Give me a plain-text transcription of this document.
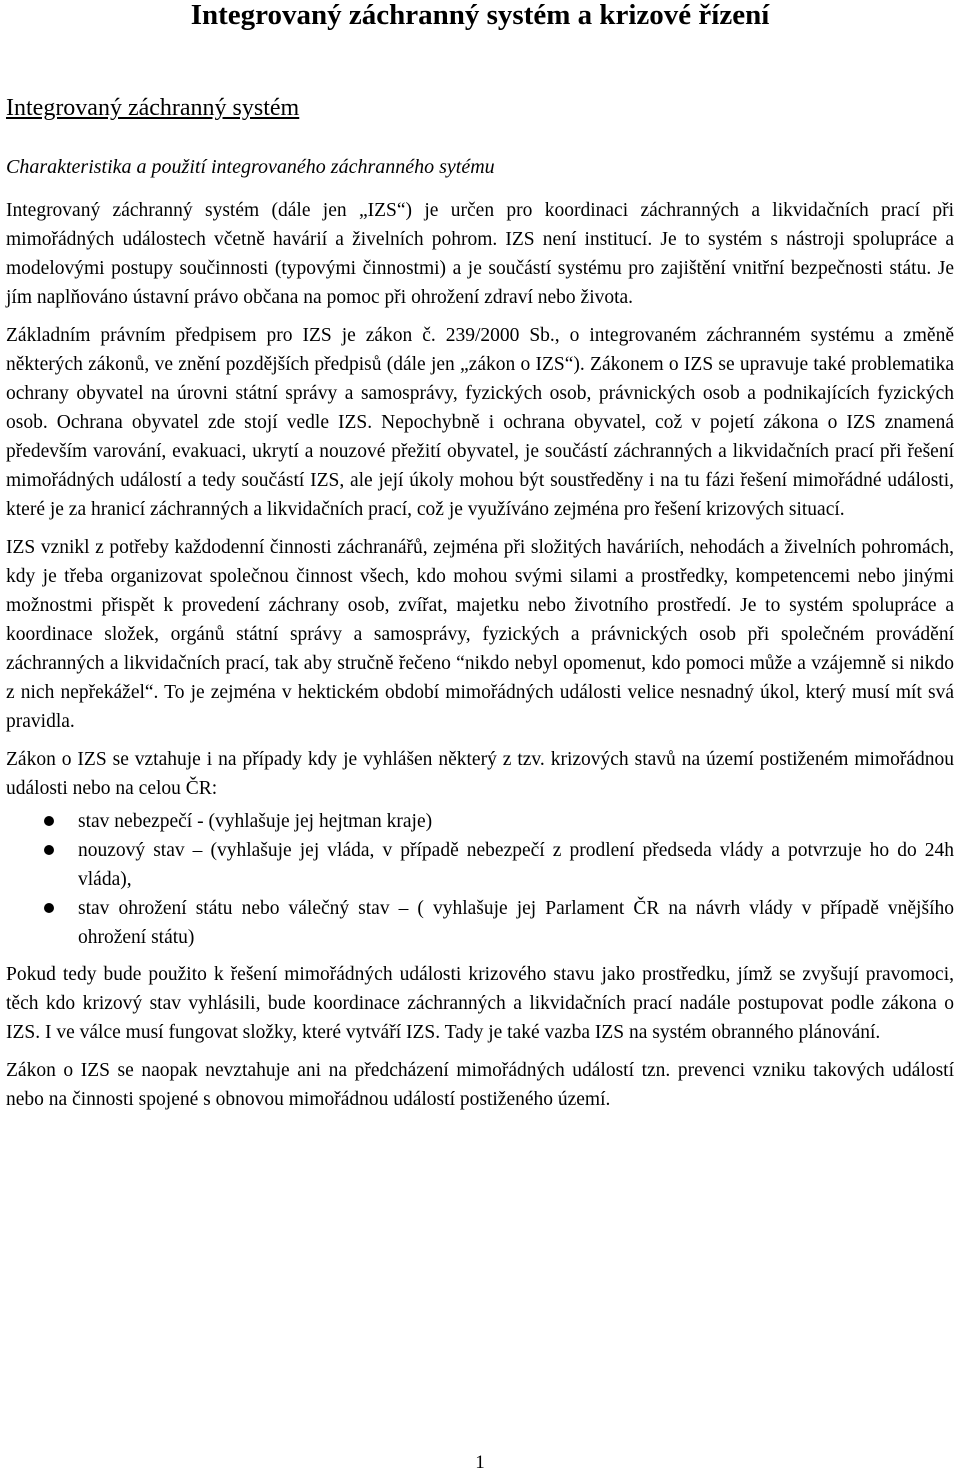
Integrovaný záchranný systém a krizové řízení
Integrovaný záchranný systém
Charakteristika a použití integrovaného záchranného sytému

Integrovaný záchranný systém (dále jen „IZS“) je určen pro koordinaci záchranných a likvidačních prací při mimořádných událostech včetně havárií a živelních pohrom. IZS není institucí. Je to systém s nástroji spolupráce a modelovými postupy součinnosti (typovými činnostmi) a je součástí systému pro zajištění vnitřní bezpečnosti státu. Je jím naplňováno ústavní právo občana na pomoc při ohrožení zdraví nebo života.

Základním právním předpisem pro IZS je zákon č. 239/2000 Sb., o integrovaném záchranném systému a změně některých zákonů, ve znění pozdějších předpisů (dále jen „zákon o IZS“). Zákonem o IZS se upravuje také problematika ochrany obyvatel na úrovni státní správy a samosprávy, fyzických osob, právnických osob a podnikajících fyzických osob. Ochrana obyvatel zde stojí vedle IZS. Nepochybně i ochrana obyvatel, což v pojetí zákona o IZS znamená především varování, evakuaci, ukrytí a nouzové přežití obyvatel, je součástí záchranných a likvidačních prací při řešení mimořádných událostí a tedy součástí IZS, ale její úkoly mohou být soustředěny i na tu fázi řešení mimořádné události, které je za hranicí záchranných a likvidačních prací, což je využíváno zejména pro řešení krizových situací.

IZS vznikl z potřeby každodenní činnosti záchranářů, zejména při složitých haváriích, nehodách a živelních pohromách, kdy je třeba organizovat společnou činnost všech, kdo mohou svými silami a prostředky, kompetencemi nebo jinými možnostmi přispět k provedení záchrany osob, zvířat, majetku nebo životního prostředí. Je to systém spolupráce a koordinace složek, orgánů státní správy a samosprávy, fyzických a právnických osob při společném provádění záchranných a likvidačních prací, tak aby stručně řečeno “nikdo nebyl opomenut, kdo pomoci může a vzájemně si nikdo z nich nepřekážel“. To je zejména v hektickém období mimořádných události velice nesnadný úkol, který musí mít svá pravidla.

Zákon o IZS se vztahuje i na případy kdy je vyhlášen některý z tzv. krizových stavů na území postiženém mimořádnou události nebo na celou ČR:

stav nebezpečí - (vyhlašuje jej hejtman kraje)
nouzový stav – (vyhlašuje jej vláda, v případě nebezpečí z prodlení předseda vlády a potvrzuje ho do 24h vláda),
stav ohrožení státu nebo válečný stav – ( vyhlašuje jej Parlament ČR na návrh vlády v případě vnějšího ohrožení státu)

Pokud tedy bude použito k řešení mimořádných události krizového stavu jako prostředku, jímž se zvyšují pravomoci, těch kdo krizový stav vyhlásili, bude koordinace záchranných a likvidačních prací nadále postupovat podle zákona o IZS. I ve válce musí fungovat složky, které vytváří IZS. Tady je také vazba IZS na systém obranného plánování.

Zákon o IZS se naopak nevztahuje ani na předcházení mimořádných událostí tzn. prevenci vzniku takových událostí nebo na činnosti spojené s obnovou mimořádnou událostí postiženého území.

1
